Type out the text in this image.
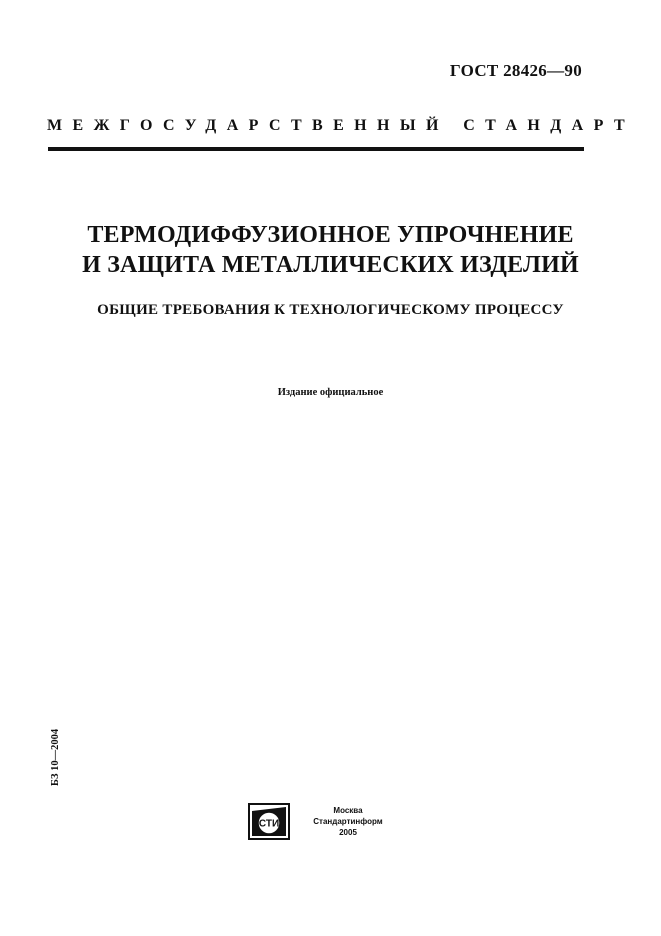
ГОСТ 28426—90
МЕЖГОСУДАРСТВЕННЫЙ СТАНДАРТ

ТЕРМОДИФФУЗИОННОЕ УПРОЧНЕНИЕ

И ЗАЩИТА МЕТАЛЛИЧЕСКИХ ИЗДЕЛИЙ

ОБЩИЕ ТРЕБОВАНИЯ К ТЕХНОЛОГИЧЕСКОМУ ПРОЦЕССУ
Издание официальное
БЗ 10—2004
СТИ
Москва
Стандартинформ
2005
